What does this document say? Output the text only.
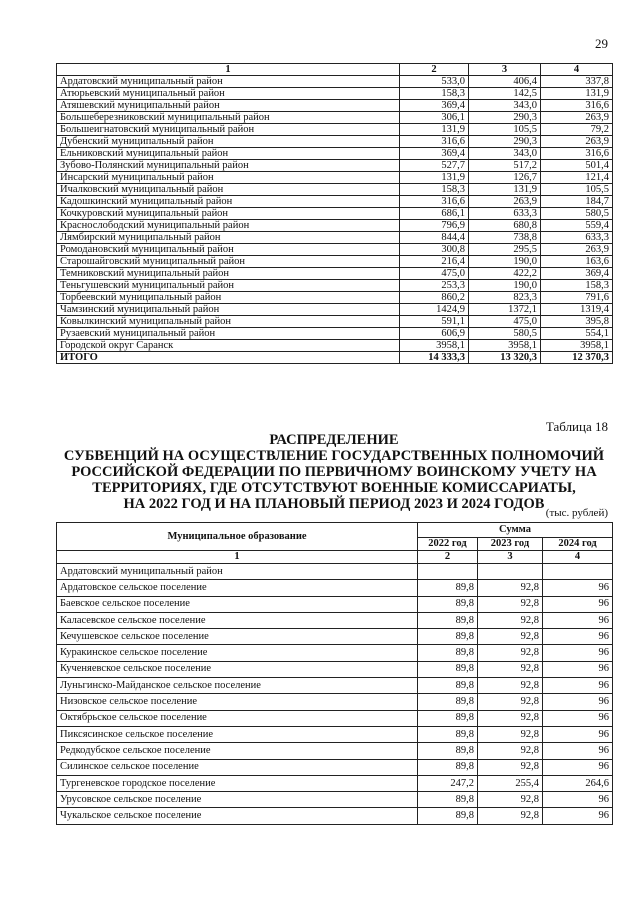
29
1	2	3	4
Ардатовский муниципальный район	533,0	406,4	337,8
Атюрьевский муниципальный район	158,3	142,5	131,9
Атяшевский муниципальный район	369,4	343,0	316,6
Большеберезниковский муниципальный район	306,1	290,3	263,9
Большеигнатовский муниципальный район	131,9	105,5	79,2
Дубенский муниципальный район	316,6	290,3	263,9
Ельниковский муниципальный район	369,4	343,0	316,6
Зубово-Полянский муниципальный район	527,7	517,2	501,4
Инсарский муниципальный район	131,9	126,7	121,4
Ичалковский муниципальный район	158,3	131,9	105,5
Кадошкинский муниципальный район	316,6	263,9	184,7
Кочкуровский муниципальный район	686,1	633,3	580,5
Краснослободский муниципальный район	796,9	680,8	559,4
Лямбирский муниципальный район	844,4	738,8	633,3
Ромодановский муниципальный район	300,8	295,5	263,9
Старошайговский муниципальный район	216,4	190,0	163,6
Темниковский муниципальный район	475,0	422,2	369,4
Теньгушевский муниципальный район	253,3	190,0	158,3
Торбеевский муниципальный район	860,2	823,3	791,6
Чамзинский муниципальный район	1424,9	1372,1	1319,4
Ковылкинский муниципальный район	591,1	475,0	395,8
Рузаевский муниципальный район	606,9	580,5	554,1
Городской округ Саранск	3958,1	3958,1	3958,1
ИТОГО	14 333,3	13 320,3	12 370,3
Таблица 18
РАСПРЕДЕЛЕНИЕ
СУБВЕНЦИЙ НА ОСУЩЕСТВЛЕНИЕ ГОСУДАРСТВЕННЫХ ПОЛНОМОЧИЙ
РОССИЙСКОЙ ФЕДЕРАЦИИ ПО ПЕРВИЧНОМУ ВОИНСКОМУ УЧЕТУ НА
ТЕРРИТОРИЯХ, ГДЕ ОТСУТСТВУЮТ ВОЕННЫЕ КОМИССАРИАТЫ,
НА 2022 ГОД И НА ПЛАНОВЫЙ ПЕРИОД 2023 И 2024 ГОДОВ
(тыс. рублей)
Муниципальное образование	Сумма		
	2022 год	2023 год	2024 год
1	2	3	4
Ардатовский муниципальный район			
Ардатовское сельское поселение	89,8	92,8	96
Баевское сельское поселение	89,8	92,8	96
Каласевское сельское поселение	89,8	92,8	96
Кечушевское сельское поселение	89,8	92,8	96
Куракинское сельское поселение	89,8	92,8	96
Кученяевское сельское поселение	89,8	92,8	96
Луньгинско-Майданское сельское поселение	89,8	92,8	96
Низовское сельское поселение	89,8	92,8	96
Октябрьское сельское поселение	89,8	92,8	96
Пиксясинское сельское поселение	89,8	92,8	96
Редкодубское сельское поселение	89,8	92,8	96
Силинское сельское поселение	89,8	92,8	96
Тургеневское городское поселение	247,2	255,4	264,6
Урусовское сельское поселение	89,8	92,8	96
Чукальское сельское поселение	89,8	92,8	96
